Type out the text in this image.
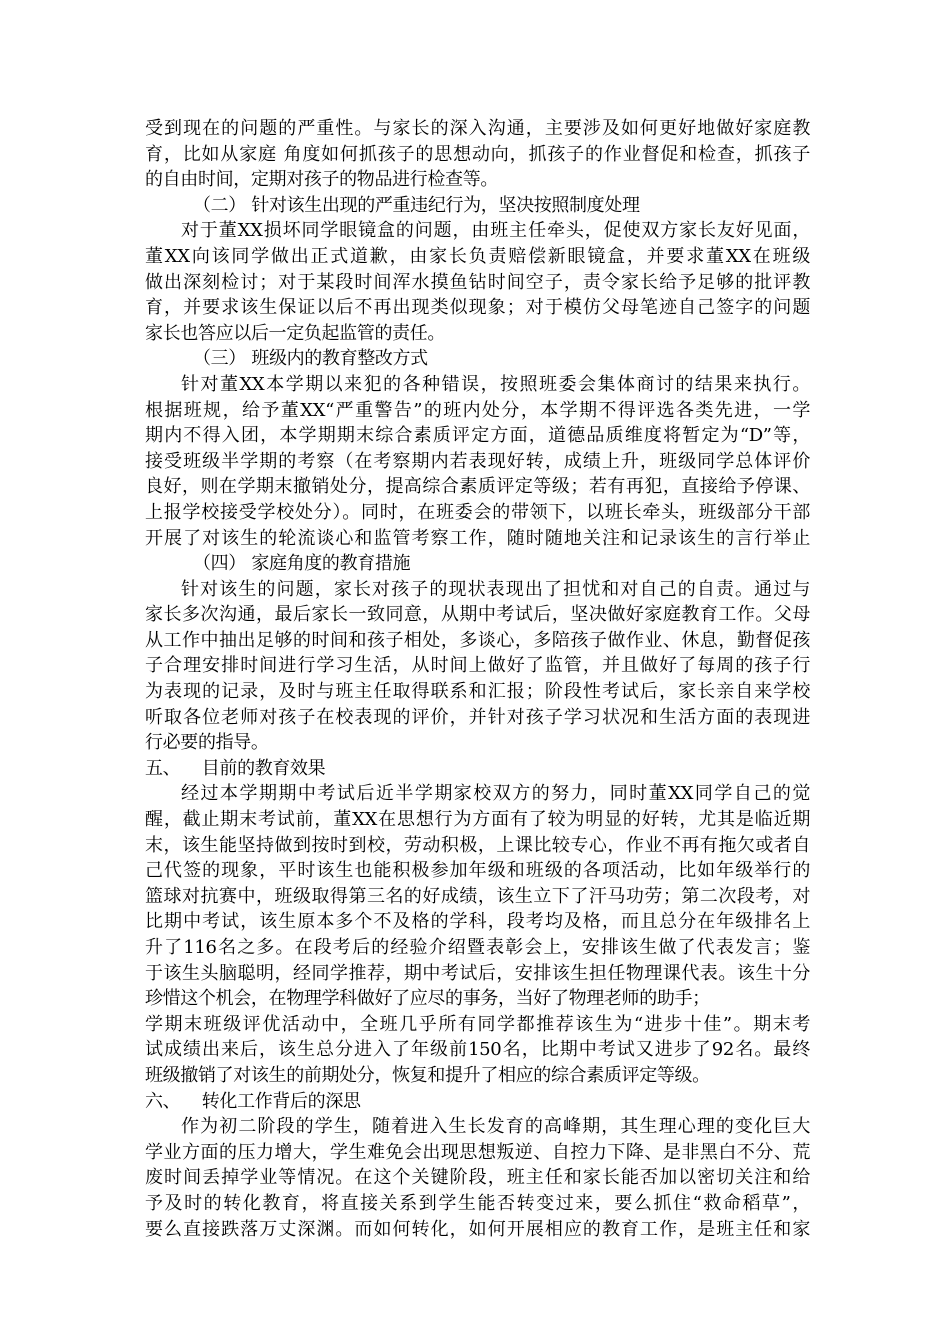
受到现在的问题的严重性。与家长的深入沟通，主要涉及如何更好地做好家庭教
育，比如从家庭 角度如何抓孩子的思想动向，抓孩子的作业督促和检查，抓孩子
的自由时间，定期对孩子的物品进行检查等。
（二） 针对该生出现的严重违纪行为，坚决按照制度处理
对于董XX损坏同学眼镜盒的问题，由班主任牵头，促使双方家长友好见面，
董XX向该同学做出正式道歉，由家长负责赔偿新眼镜盒，并要求董XX在班级
做出深刻检讨；对于某段时间浑水摸鱼钻时间空子，责令家长给予足够的批评教
育，并要求该生保证以后不再出现类似现象；对于模仿父母笔迹自己签字的问题
家长也答应以后一定负起监管的责任。
（三） 班级内的教育整改方式
针对董XX本学期以来犯的各种错误，按照班委会集体商讨的结果来执行。
根据班规，给予董XX“严重警告”的班内处分，本学期不得评选各类先进，一学
期内不得入团，本学期期末综合素质评定方面，道德品质维度将暂定为“D”等，
接受班级半学期的考察（在考察期内若表现好转，成绩上升，班级同学总体评价
良好，则在学期末撤销处分，提高综合素质评定等级；若有再犯，直接给予停课、
上报学校接受学校处分）。同时，在班委会的带领下，以班长牵头，班级部分干部
开展了对该生的轮流谈心和监管考察工作，随时随地关注和记录该生的言行举止
（四） 家庭角度的教育措施
针对该生的问题，家长对孩子的现状表现出了担忧和对自己的自责。通过与
家长多次沟通，最后家长一致同意，从期中考试后，坚决做好家庭教育工作。父母
从工作中抽出足够的时间和孩子相处，多谈心，多陪孩子做作业、休息，勤督促孩
子合理安排时间进行学习生活，从时间上做好了监管，并且做好了每周的孩子行
为表现的记录，及时与班主任取得联系和汇报；阶段性考试后，家长亲自来学校
听取各位老师对孩子在校表现的评价，并针对孩子学习状况和生活方面的表现进
行必要的指导。
五、    目前的教育效果
经过本学期期中考试后近半学期家校双方的努力，同时董XX同学自己的觉
醒，截止期末考试前，董XX在思想行为方面有了较为明显的好转，尤其是临近期
末，该生能坚持做到按时到校，劳动积极，上课比较专心，作业不再有拖欠或者自
己代签的现象，平时该生也能积极参加年级和班级的各项活动，比如年级举行的
篮球对抗赛中，班级取得第三名的好成绩，该生立下了汗马功劳；第二次段考，对
比期中考试，该生原本多个不及格的学科，段考均及格，而且总分在年级排名上
升了116名之多。在段考后的经验介绍暨表彰会上，安排该生做了代表发言；鉴
于该生头脑聪明，经同学推荐，期中考试后，安排该生担任物理课代表。该生十分
珍惜这个机会，在物理学科做好了应尽的事务，当好了物理老师的助手；
学期末班级评优活动中，全班几乎所有同学都推荐该生为“进步十佳”。期末考
试成绩出来后，该生总分进入了年级前150名，比期中考试又进步了92名。最终
班级撤销了对该生的前期处分，恢复和提升了相应的综合素质评定等级。
六、    转化工作背后的深思
作为初二阶段的学生，随着进入生长发育的高峰期，其生理心理的变化巨大
学业方面的压力增大，学生难免会出现思想叛逆、自控力下降、是非黑白不分、荒
废时间丢掉学业等情况。在这个关键阶段，班主任和家长能否加以密切关注和给
予及时的转化教育，将直接关系到学生能否转变过来，要么抓住“救命稻草”，
要么直接跌落万丈深渊。而如何转化，如何开展相应的教育工作，是班主任和家
